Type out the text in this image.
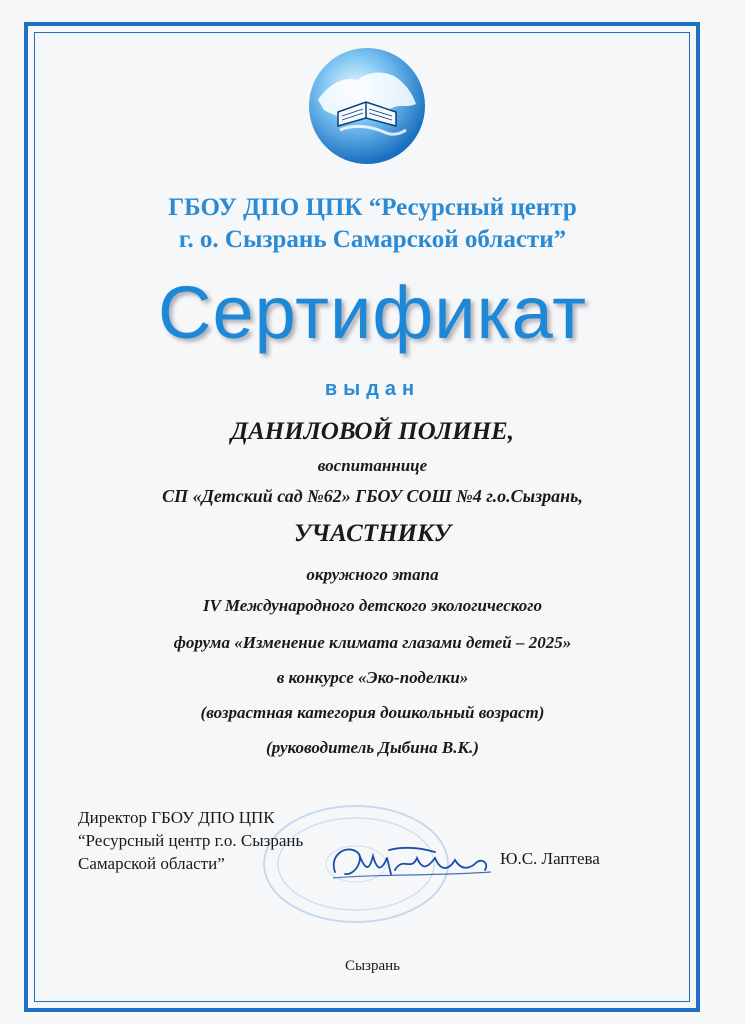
ГБОУ ДПО ЦПК “Ресурсный центр
г. о. Сызрань Самарской области”
Сертификат
выдан
ДАНИЛОВОЙ ПОЛИНЕ,
воспитаннице
СП «Детский сад №62» ГБОУ СОШ №4 г.о.Сызрань,
УЧАСТНИКУ
окружного этапа
IV Международного детского экологического
форума «Изменение климата глазами детей – 2025»
в конкурсе «Эко-поделки»
(возрастная категория дошкольный возраст)
(руководитель Дыбина В.К.)
Директор ГБОУ ДПО ЦПК
“Ресурсный центр г.о. Сызрань
Самарской области”	Ю.С. Лаптева
Сызрань
